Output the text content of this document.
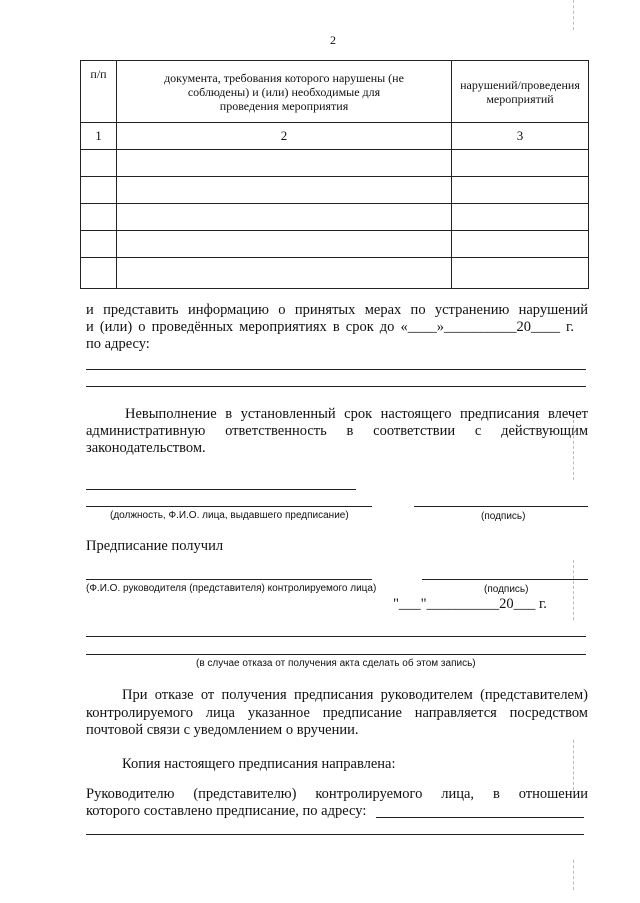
2
п/п	документа, требования которого нарушены (не соблюдены) и (или) необходимые для проведения мероприятия	нарушений/проведения мероприятий
1	2	3

и представить информацию о принятых мерах по устранению нарушений
и (или) о проведённых мероприятиях в срок до «____»__________20____ г.
по адресу:
Невыполнение в установленный срок настоящего предписания влечет
административную ответственность в соответствии с действующим
законодательством.
(должность, Ф.И.О. лица, выдавшего предписание)	(подпись)
Предписание получил
(Ф.И.О. руководителя (представителя) контролируемого лица)	(подпись)
"___"__________20___ г.
(в случае отказа от получения акта сделать об этом запись)
При отказе от получения предписания руководителем (представителем)
контролируемого лица указанное предписание направляется посредством
почтовой связи с уведомлением о вручении.
Копия настоящего предписания направлена:
Руководителю (представителю) контролируемого лица, в отношении
которого составлено предписание, по адресу:
